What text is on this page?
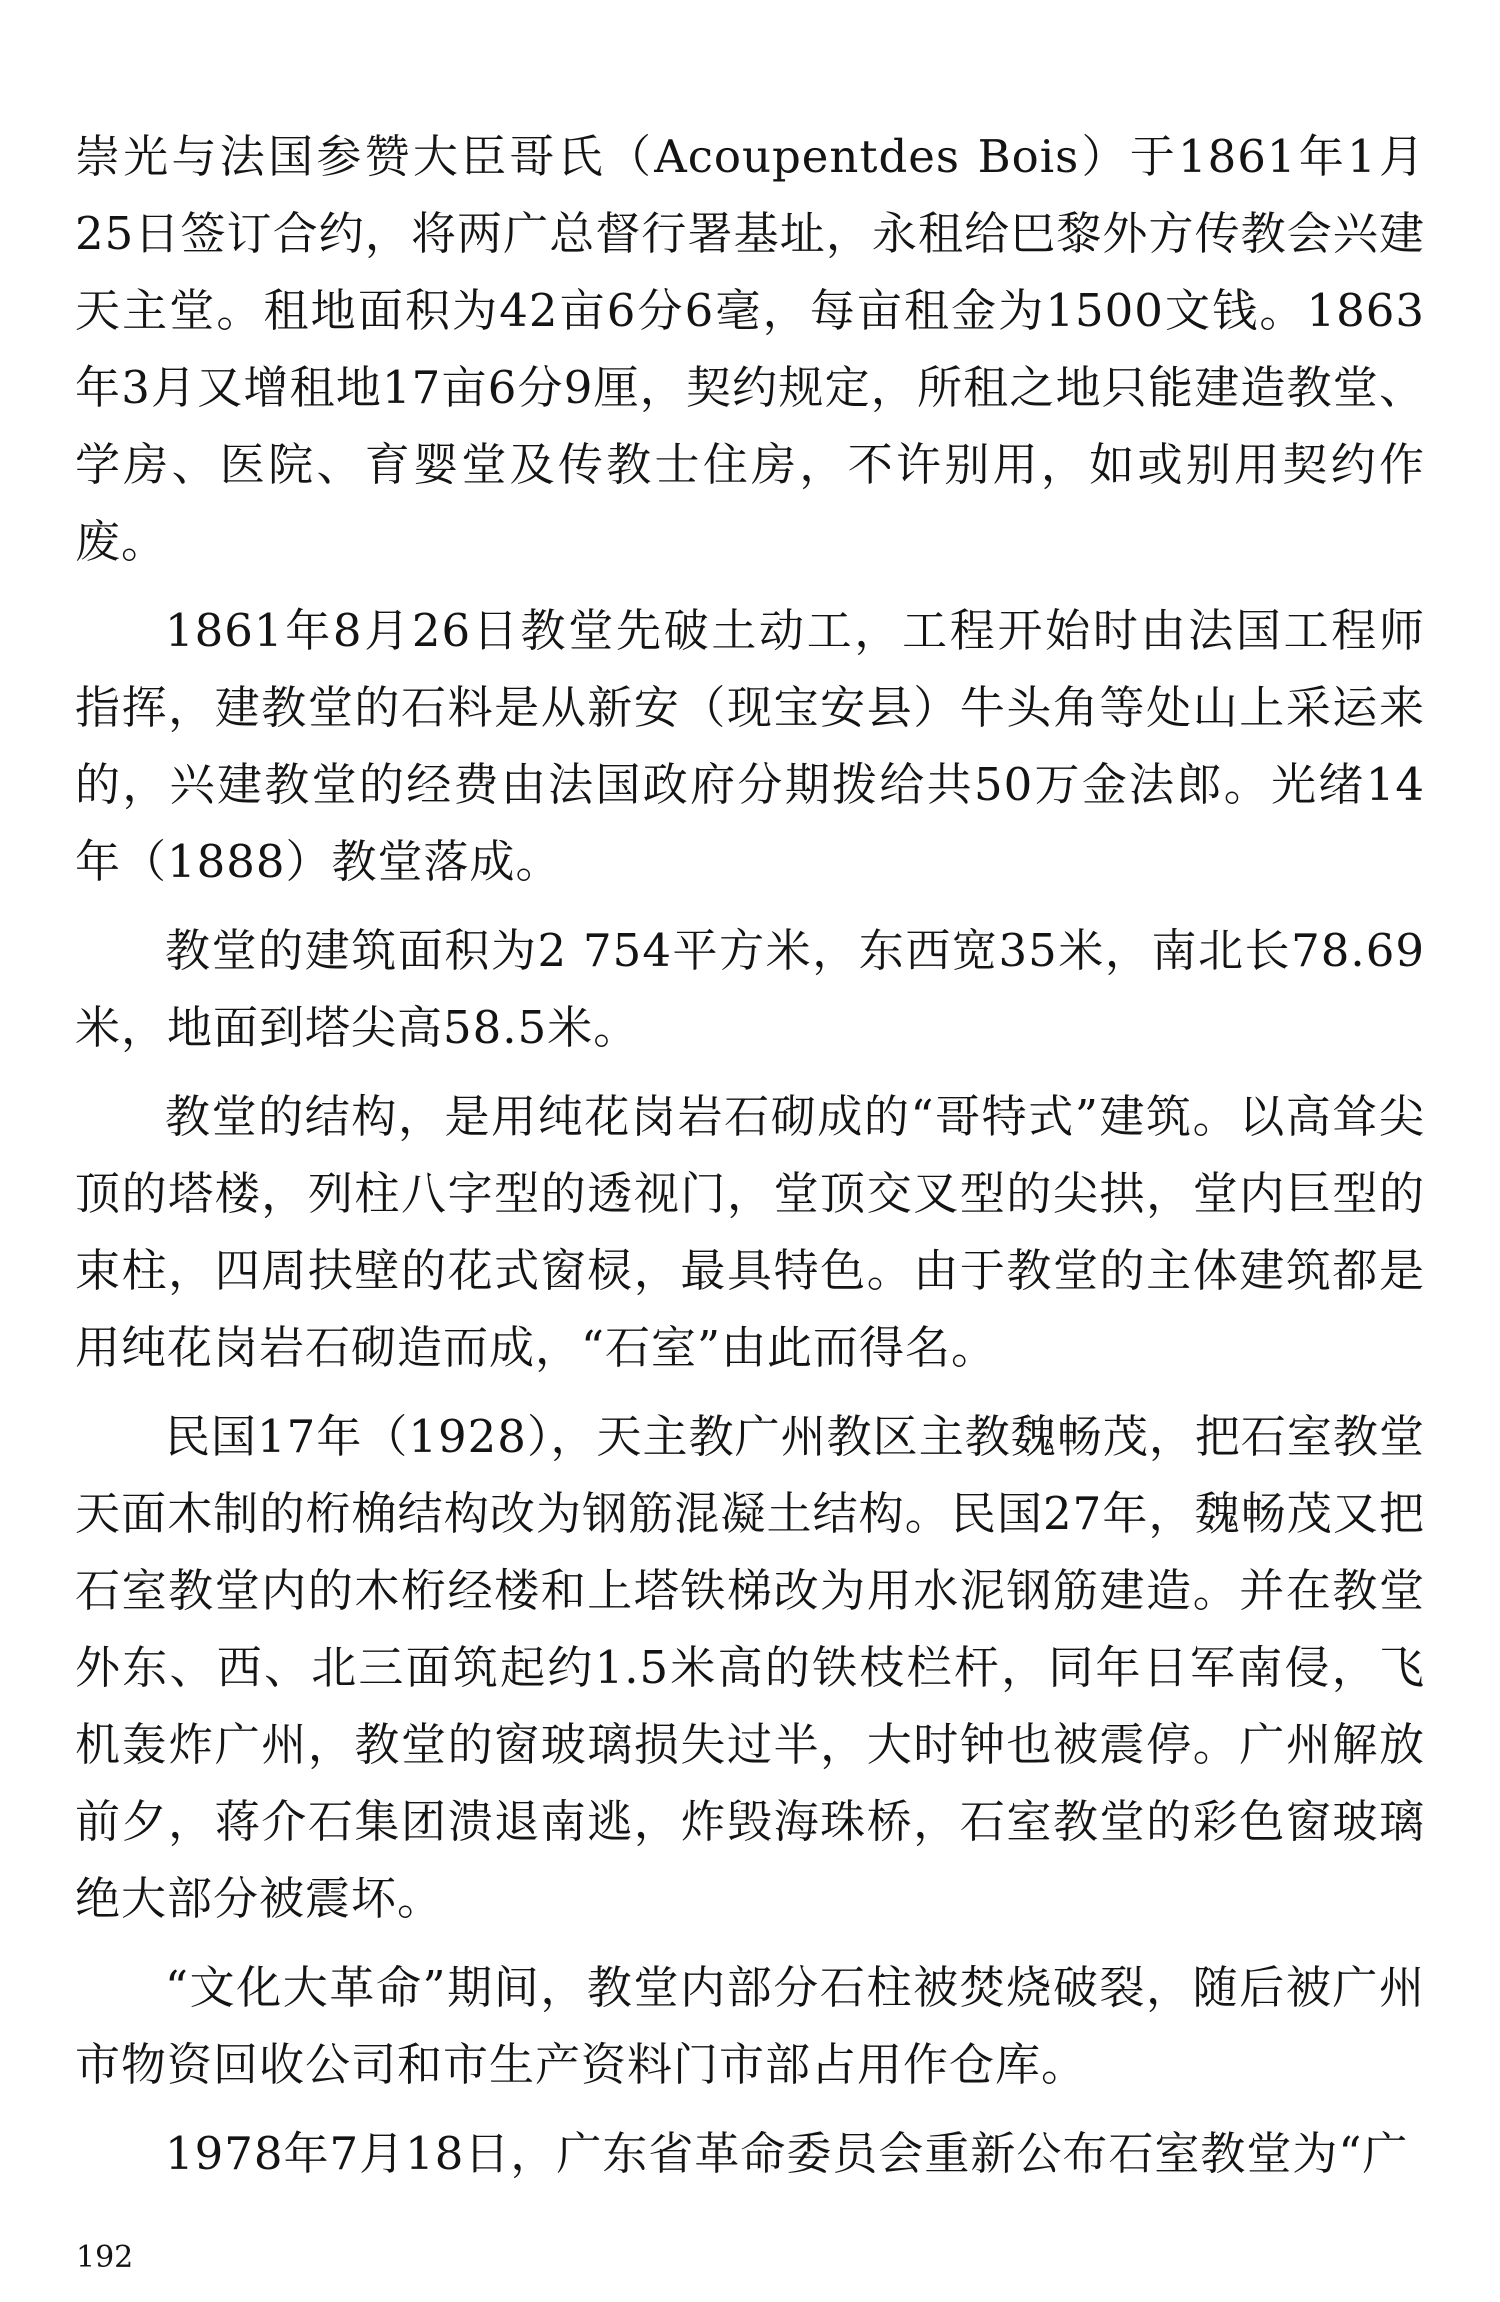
崇光与法国参赞大臣哥氏（Acoupentdes Bois）于1861年1月25日签订合约，将两广总督行署基址，永租给巴黎外方传教会兴建天主堂。租地面积为42亩6分6毫，每亩租金为1500文钱。1863年3月又增租地17亩6分9厘，契约规定，所租之地只能建造教堂、学房、医院、育婴堂及传教士住房，不许别用，如或别用契约作废。

1861年8月26日教堂先破土动工，工程开始时由法国工程师指挥，建教堂的石料是从新安（现宝安县）牛头角等处山上采运来的，兴建教堂的经费由法国政府分期拨给共50万金法郎。光绪14年（1888）教堂落成。

教堂的建筑面积为2 754平方米，东西宽35米，南北长78.69米，地面到塔尖高58.5米。

教堂的结构，是用纯花岗岩石砌成的“哥特式”建筑。以高耸尖顶的塔楼，列柱八字型的透视门，堂顶交叉型的尖拱，堂内巨型的束柱，四周扶壁的花式窗棂，最具特色。由于教堂的主体建筑都是用纯花岗岩石砌造而成，“石室”由此而得名。

民国17年（1928），天主教广州教区主教魏畅茂，把石室教堂天面木制的桁桷结构改为钢筋混凝土结构。民国27年，魏畅茂又把石室教堂内的木桁经楼和上塔铁梯改为用水泥钢筋建造。并在教堂外东、西、北三面筑起约1.5米高的铁枝栏杆，同年日军南侵，飞机轰炸广州，教堂的窗玻璃损失过半，大时钟也被震停。广州解放前夕，蒋介石集团溃退南逃，炸毁海珠桥，石室教堂的彩色窗玻璃绝大部分被震坏。

“文化大革命”期间，教堂内部分石柱被焚烧破裂，随后被广州市物资回收公司和市生产资料门市部占用作仓库。

1978年7月18日，广东省革命委员会重新公布石室教堂为“广

192
